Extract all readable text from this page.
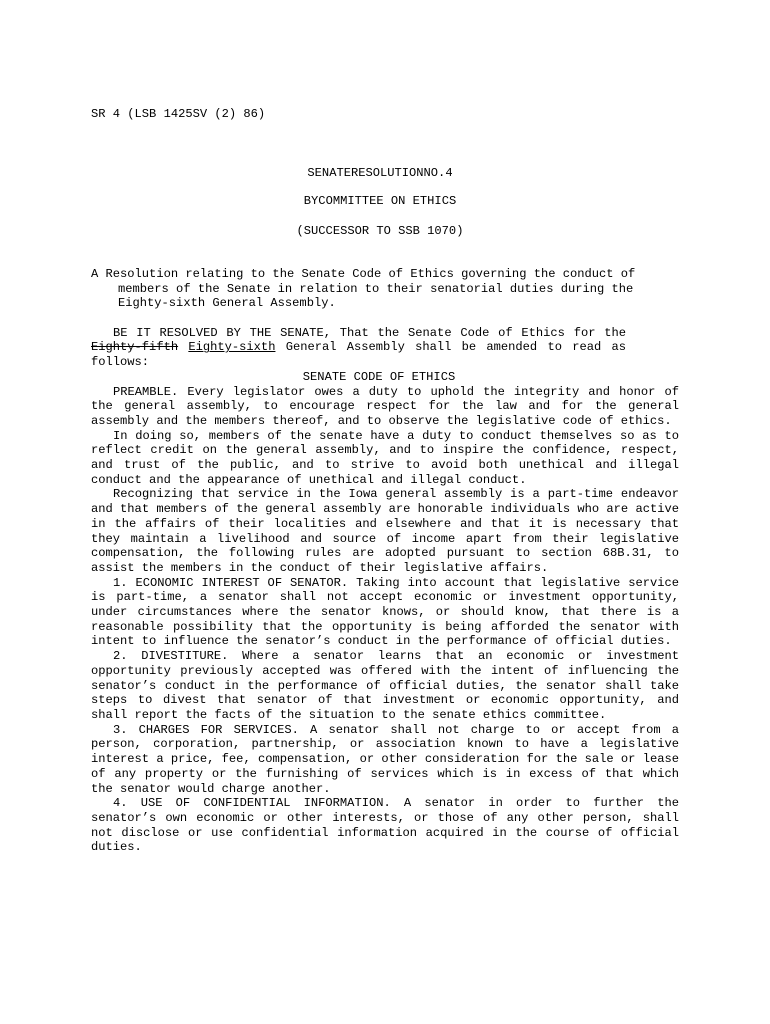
SR 4 (LSB 1425SV (2) 86)
SENATERESOLUTIONNO.4
BYCOMMITTEE ON ETHICS
(SUCCESSOR TO SSB 1070)

A Resolution relating to the Senate Code of Ethics governing the conduct of members of the Senate in relation to their senatorial duties during the Eighty-sixth General Assembly.

BE IT RESOLVED BY THE SENATE, That the Senate Code of Ethics for the Eighty-fifth Eighty-sixth General Assembly shall be amended to read as follows:
SENATE CODE OF ETHICS

PREAMBLE. Every legislator owes a duty to uphold the integrity and honor of the general assembly, to encourage respect for the law and for the general assembly and the members thereof, and to observe the legislative code of ethics.

In doing so, members of the senate have a duty to conduct themselves so as to reflect credit on the general assembly, and to inspire the confidence, respect, and trust of the public, and to strive to avoid both unethical and illegal conduct and the appearance of unethical and illegal conduct.

Recognizing that service in the Iowa general assembly is a part-time endeavor and that members of the general assembly are honorable individuals who are active in the affairs of their localities and elsewhere and that it is necessary that they maintain a livelihood and source of income apart from their legislative compensation, the following rules are adopted pursuant to section 68B.31, to assist the members in the conduct of their legislative affairs.

1. ECONOMIC INTEREST OF SENATOR. Taking into account that legislative service is part-time, a senator shall not accept economic or investment opportunity, under circumstances where the senator knows, or should know, that there is a reasonable possibility that the opportunity is being afforded the senator with intent to influence the senator’s conduct in the performance of official duties.

2. DIVESTITURE. Where a senator learns that an economic or investment opportunity previously accepted was offered with the intent of influencing the senator’s conduct in the performance of official duties, the senator shall take steps to divest that senator of that investment or economic opportunity, and shall report the facts of the situation to the senate ethics committee.

3. CHARGES FOR SERVICES. A senator shall not charge to or accept from a person, corporation, partnership, or association known to have a legislative interest a price, fee, compensation, or other consideration for the sale or lease of any property or the furnishing of services which is in excess of that which the senator would charge another.

4. USE OF CONFIDENTIAL INFORMATION. A senator in order to further the senator’s own economic or other interests, or those of any other person, shall not disclose or use confidential information acquired in the course of official duties.
